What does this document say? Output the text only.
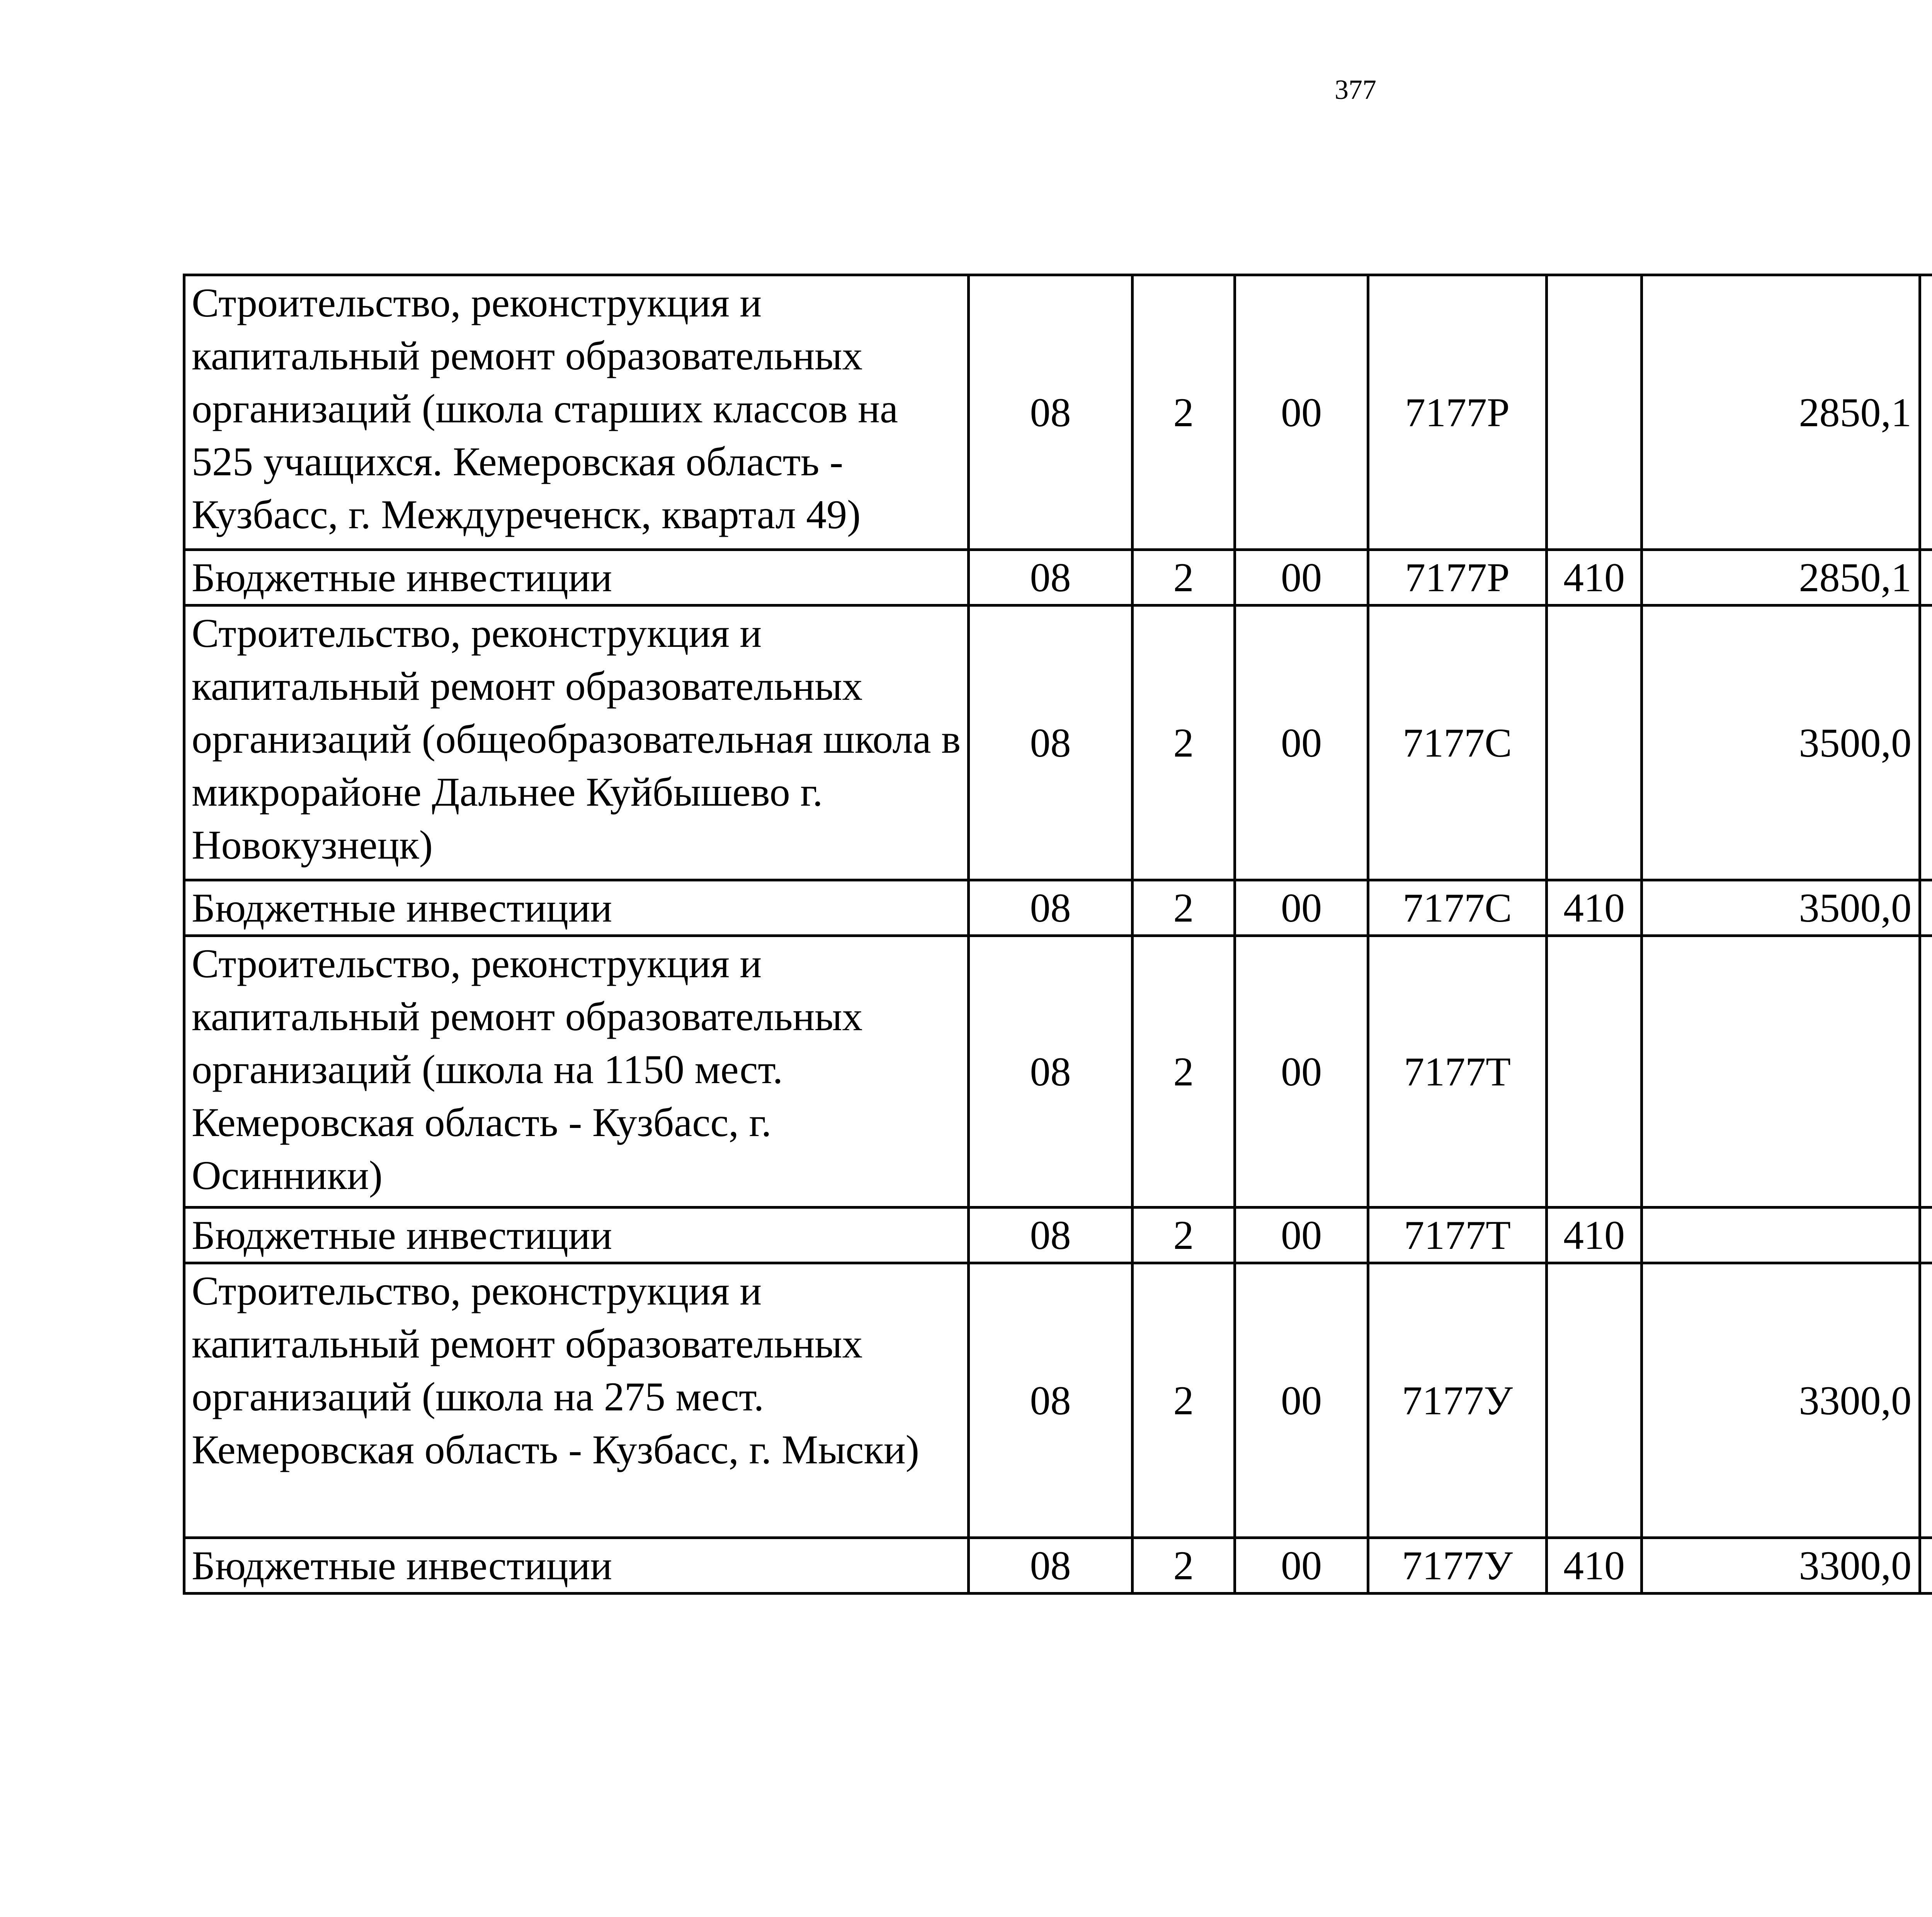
377
Строительство, реконструкция и капитальный ремонт образовательных организаций (школа старших классов на 525 учащихся. Кемеровская область - Кузбасс, г. Междуреченск, квартал 49)	08	2	00	7177Р		2850,1		
Бюджетные инвестиции	08	2	00	7177Р	410	2850,1		
Строительство, реконструкция и капитальный ремонт образовательных организаций (общеобразовательная школа в микрорайоне Дальнее Куйбышево г. Новокузнецк)	08	2	00	7177С		3500,0		
Бюджетные инвестиции	08	2	00	7177С	410	3500,0		
Строительство, реконструкция и капитальный ремонт образовательных организаций (школа на 1150 мест. Кемеровская область - Кузбасс, г. Осинники)	08	2	00	7177Т				
Бюджетные инвестиции	08	2	00	7177Т	410			
Строительство, реконструкция и капитальный ремонт образовательных организаций (школа на 275 мест. Кемеровская область - Кузбасс, г. Мыски)	08	2	00	7177У		3300,0		
Бюджетные инвестиции	08	2	00	7177У	410	3300,0		
